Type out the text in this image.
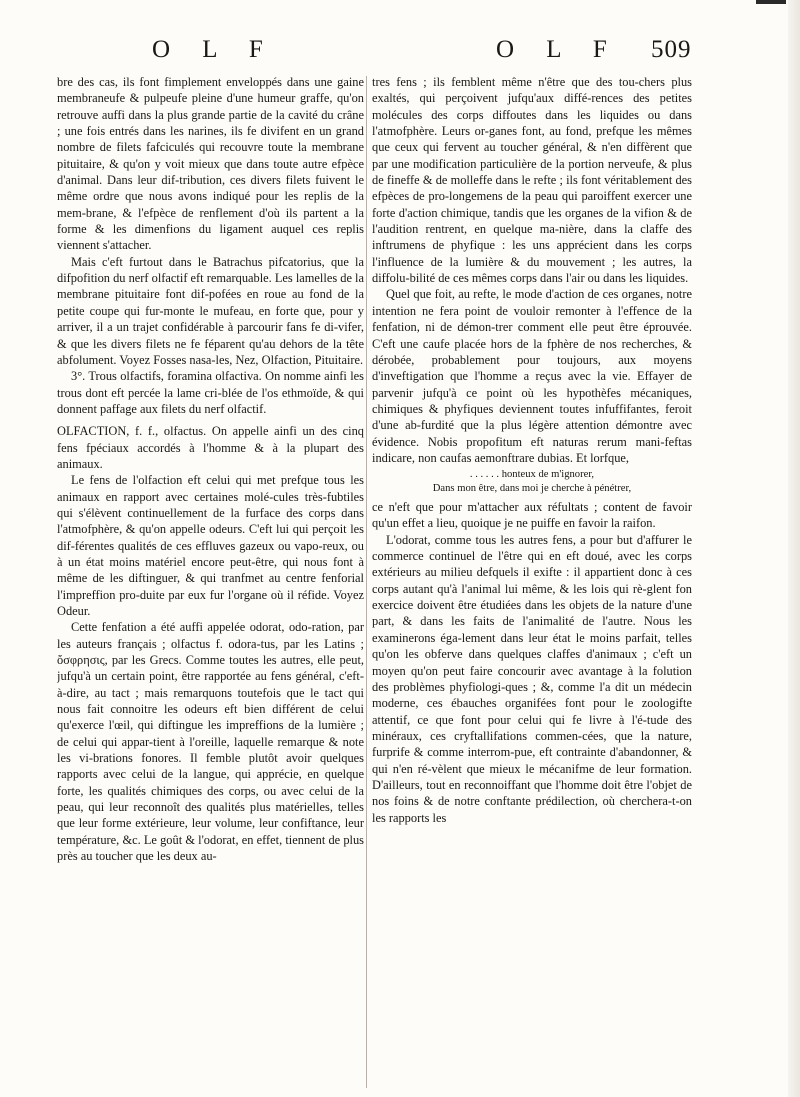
O L F	O L F 509

bre des cas, ils font fimplement enveloppés dans une gaine membraneufe & pulpeufe pleine d'une humeur graffe, qu'on retrouve auffi dans la plus grande partie de la cavité du crâne ; une fois entrés dans les narines, ils fe divifent en un grand nombre de filets fafciculés qui recouvre toute la membrane pituitaire, & qu'on y voit mieux que dans toute autre efpèce d'animal. Dans leur dif-tribution, ces divers filets fuivent le même ordre que nous avons indiqué pour les replis de la mem-brane, & l'efpèce de renflement d'où ils partent a la forme & les dimenfions du ligament auquel ces replis viennent s'attacher.

Mais c'eft furtout dans le Batrachus pifcatorius, que la difpofition du nerf olfactif eft remarquable. Les lamelles de la membrane pituitaire font dif-pofées en roue au fond de la petite coupe qui fur-monte le mufeau, en forte que, pour y arriver, il a un trajet confidérable à parcourir fans fe di-vifer, & que les divers filets ne fe féparent qu'au dehors de la tête abfolument. Voyez Fosses nasa-les, Nez, Olfaction, Pituitaire.

3°. Trous olfactifs, foramina olfactiva. On nomme ainfi les trous dont eft percée la lame cri-blée de l'os ethmoïde, & qui donnent paffage aux filets du nerf olfactif.

OLFACTION, f. f., olfactus. On appelle ainfi un des cinq fens fpéciaux accordés à l'homme & à la plupart des animaux.

Le fens de l'olfaction eft celui qui met prefque tous les animaux en rapport avec certaines molé-cules très-fubtiles qui s'élèvent continuellement de la furface des corps dans l'atmofphère, & qu'on appelle odeurs. C'eft lui qui perçoit les dif-férentes qualités de ces effluves gazeux ou vapo-reux, ou à un état moins matériel encore peut-être, qui nous font à même de les diftinguer, & qui tranfmet au centre fenforial l'impreffion pro-duite par eux fur l'organe où il réfide. Voyez Odeur.

Cette fenfation a été auffi appelée odorat, odo-ration, par les auteurs français ; olfactus f. odora-tus, par les Latins ; ὄσφρησις, par les Grecs. Comme toutes les autres, elle peut, jufqu'à un certain point, être rapportée au fens général, c'eft-à-dire, au tact ; mais remarquons toutefois que le tact qui nous fait connoitre les odeurs eft bien différent de celui qu'exerce l'œil, qui diftingue les impreffions de la lumière ; de celui qui appar-tient à l'oreille, laquelle remarque & note les vi-brations fonores. Il femble plutôt avoir quelques rapports avec celui de la langue, qui apprécie, en quelque forte, les qualités chimiques des corps, ou avec celui de la peau, qui leur reconnoît des qualités plus matérielles, telles que leur forme extérieure, leur volume, leur confiftance, leur température, &c. Le goût & l'odorat, en effet, tiennent de plus près au toucher que les deux au-

tres fens ; ils femblent même n'être que des tou-chers plus exaltés, qui perçoivent jufqu'aux diffé-rences des petites molécules des corps diffoutes dans les liquides ou dans l'atmofphère. Leurs or-ganes font, au fond, prefque les mêmes que ceux qui fervent au toucher général, & n'en diffèrent que par une modification particulière de la portion nerveufe, & plus de fineffe & de molleffe dans le refte ; ils font véritablement des efpèces de pro-longemens de la peau qui paroiffent exercer une forte d'action chimique, tandis que les organes de la vifion & de l'audition rentrent, en quelque ma-nière, dans la claffe des inftrumens de phyfique : les uns apprécient dans les corps l'influence de la lumière & du mouvement ; les autres, la diffolu-bilité de ces mêmes corps dans l'air ou dans les liquides.

Quel que foit, au refte, le mode d'action de ces organes, notre intention ne fera point de vouloir remonter à l'effence de la fenfation, ni de démon-trer comment elle peut être éprouvée. C'eft une caufe placée hors de la fphère de nos recherches, & dérobée, probablement pour toujours, aux moyens d'inveftigation que l'homme a reçus avec la vie. Effayer de parvenir jufqu'à ce point où les hypothèfes mécaniques, chimiques & phyfiques deviennent toutes infuffifantes, feroit d'une ab-furdité que la plus légère attention démontre avec évidence. Nobis propofitum eft naturas rerum mani-feftas indicare, non caufas aemonftrare dubias. Et lorfque,

. . . . . . honteux de m'ignorer,

Dans mon être, dans moi je cherche à pénétrer,

ce n'eft que pour m'attacher aux réfultats ; content de favoir qu'un effet a lieu, quoique je ne puiffe en favoir la raifon.

L'odorat, comme tous les autres fens, a pour but d'affurer le commerce continuel de l'être qui en eft doué, avec les corps extérieurs au milieu defquels il exifte : il appartient donc à ces corps autant qu'à l'animal lui même, & les lois qui rè-glent fon exercice doivent être étudiées dans les objets de la nature d'une part, & dans les faits de l'animalité de l'autre. Nous les examinerons éga-lement dans leur état le moins parfait, telles qu'on les obferve dans quelques claffes d'animaux ; c'eft un moyen qu'on peut faire concourir avec avantage à la folution des problèmes phyfiologi-ques ; &, comme l'a dit un médecin moderne, ces ébauches organifées font pour le zoologifte attentif, ce que font pour celui qui fe livre à l'é-tude des minéraux, ces cryftallifations commen-cées, que la nature, furprife & comme interrom-pue, eft contrainte d'abandonner, & qui n'en ré-vèlent que mieux le mécanifme de leur formation. D'ailleurs, tout en reconnoiffant que l'homme doit être l'objet de nos foins & de notre conftante prédilection, où cherchera-t-on les rapports les
